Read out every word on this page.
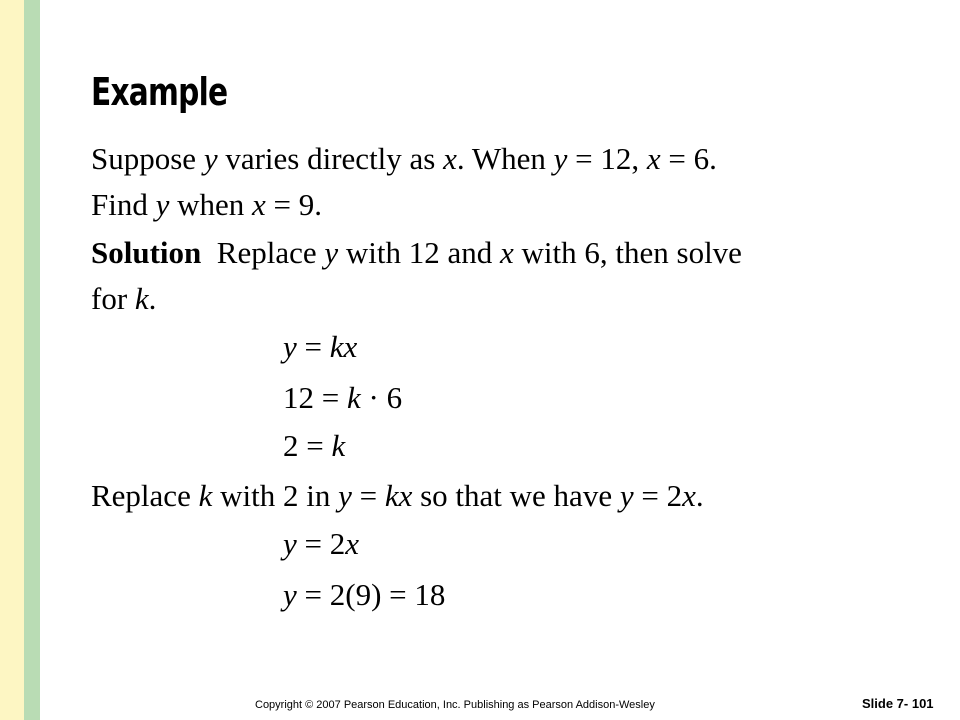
Example

Suppose y varies directly as x. When y = 12, x = 6.

Find y when x = 9.

Solution  Replace y with 12 and x with 6, then solve

for k.

y = kx

12 = k · 6

2 = k

Replace k with 2 in y = kx so that we have y = 2x.

y = 2x

y = 2(9) = 18

Copyright © 2007 Pearson Education, Inc. Publishing as Pearson Addison-Wesley	Slide 7- 101
